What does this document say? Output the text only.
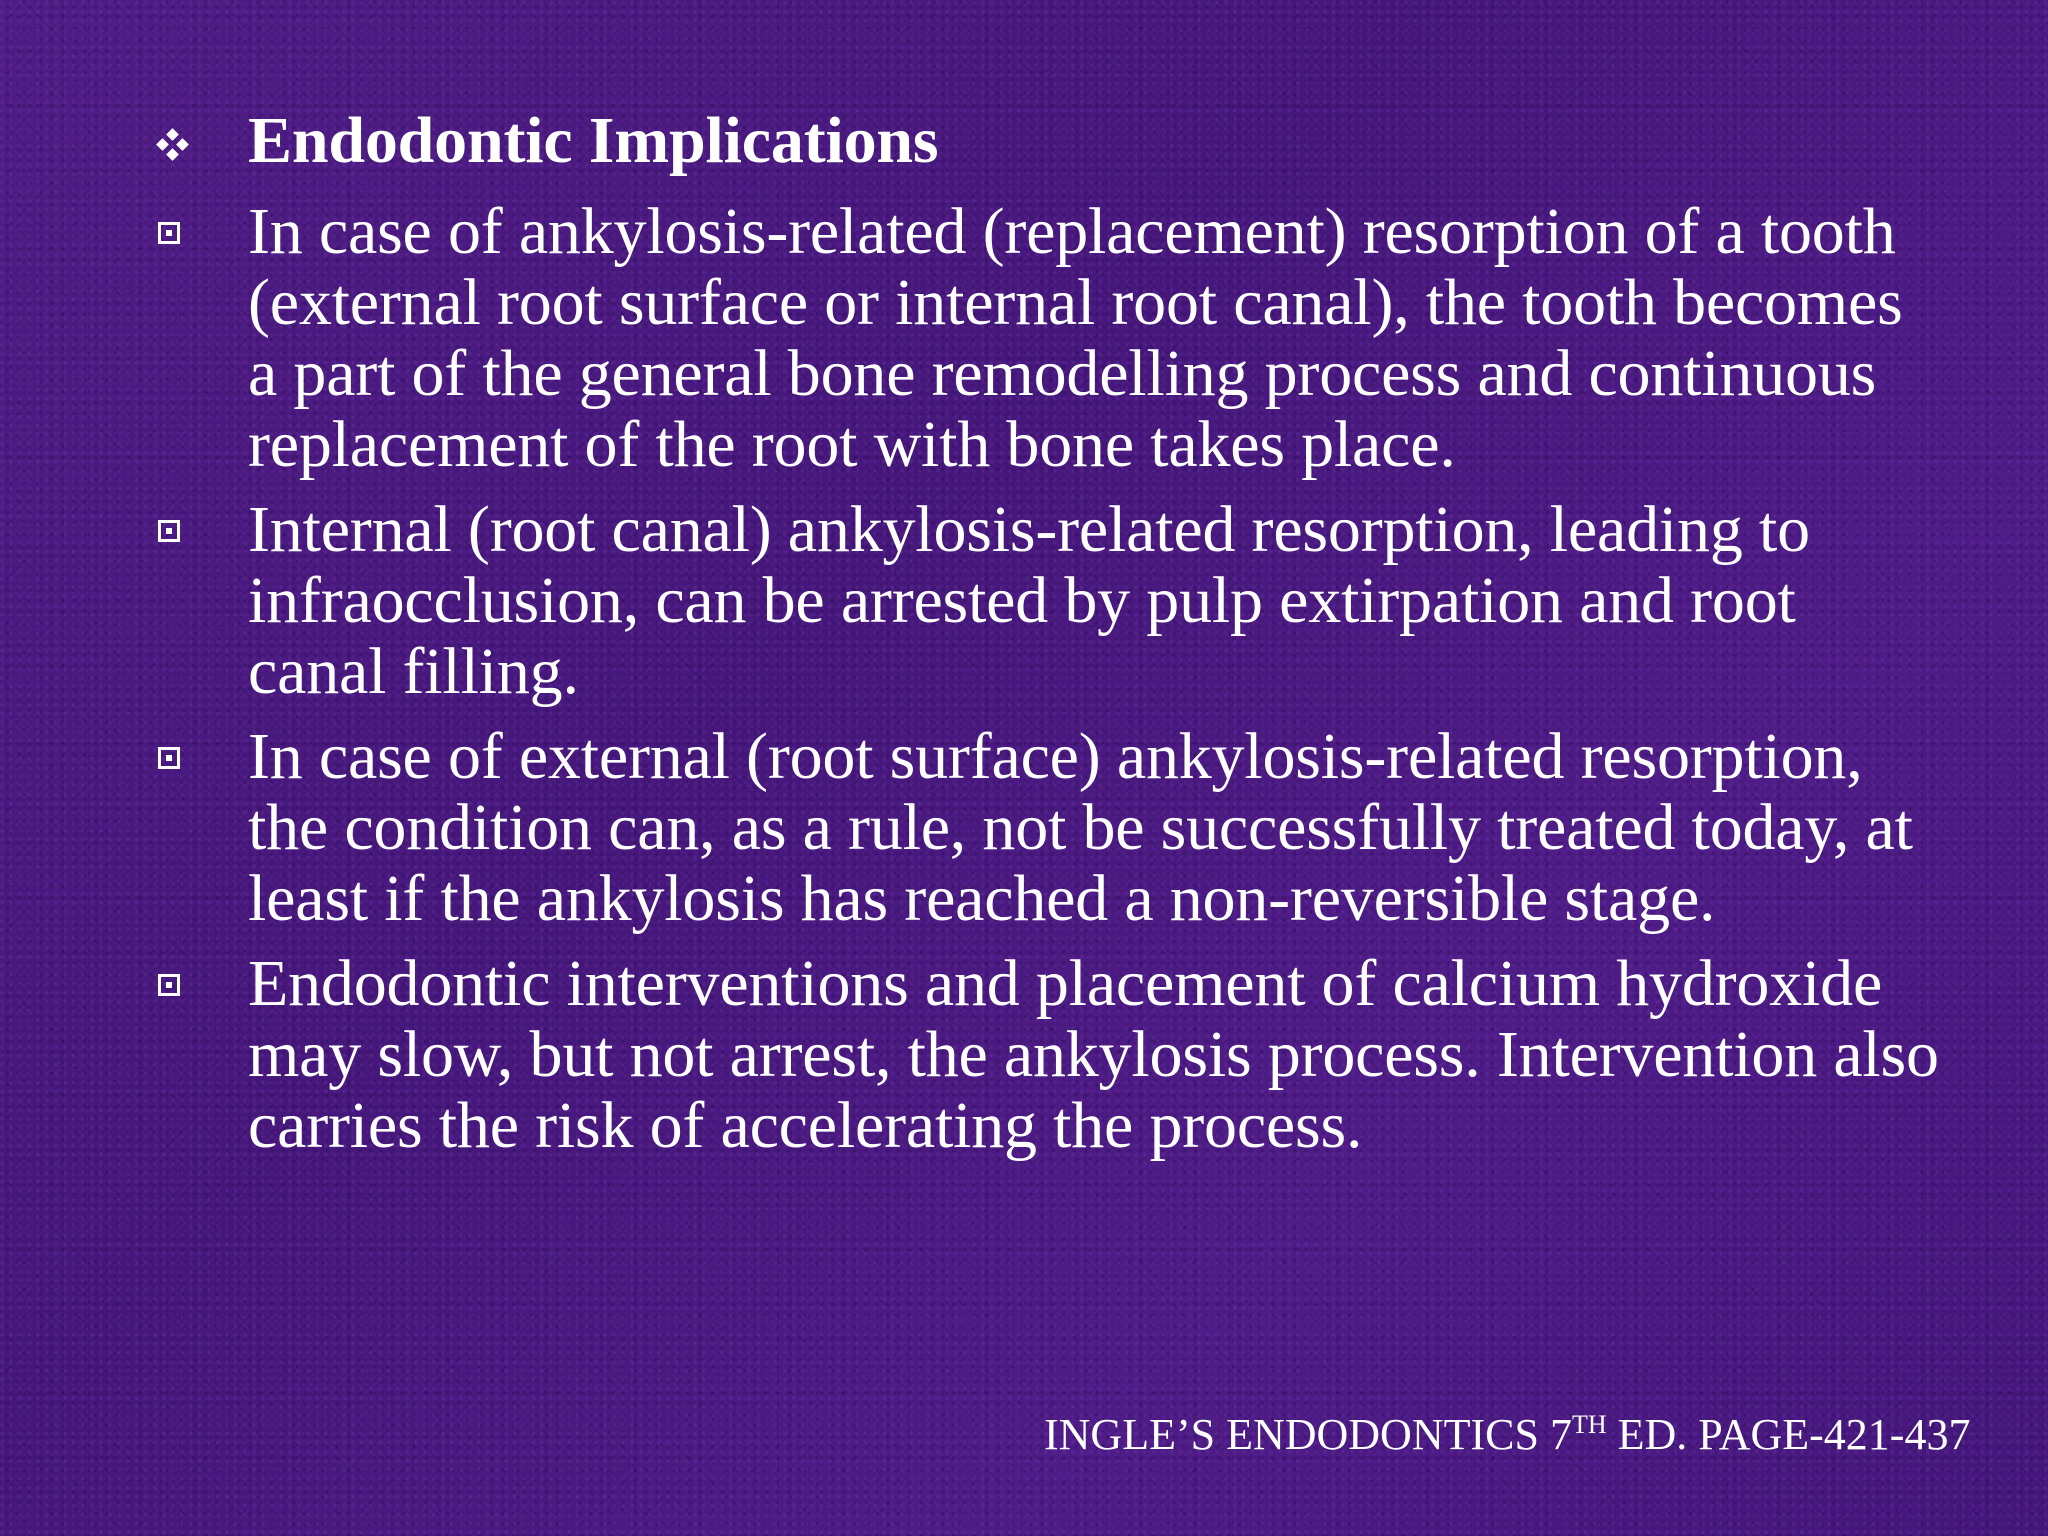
Endodontic Implications
In case of ankylosis-related (replacement) resorption of a tooth (external root surface or internal root canal), the tooth becomes a part of the general bone remodelling process and continuous replacement of the root with bone takes place.
Internal (root canal) ankylosis-related resorption, leading to infraocclusion, can be arrested by pulp extirpation and root canal filling.
In case of external (root surface) ankylosis-related resorption, the condition can, as a rule, not be successfully treated today, at least if the ankylosis has reached a non-reversible stage.
Endodontic interventions and placement of calcium hydroxide may slow, but not arrest, the ankylosis process. Intervention also carries the risk of accelerating the process.
INGLE’S ENDODONTICS 7TH ED. PAGE-421-437
